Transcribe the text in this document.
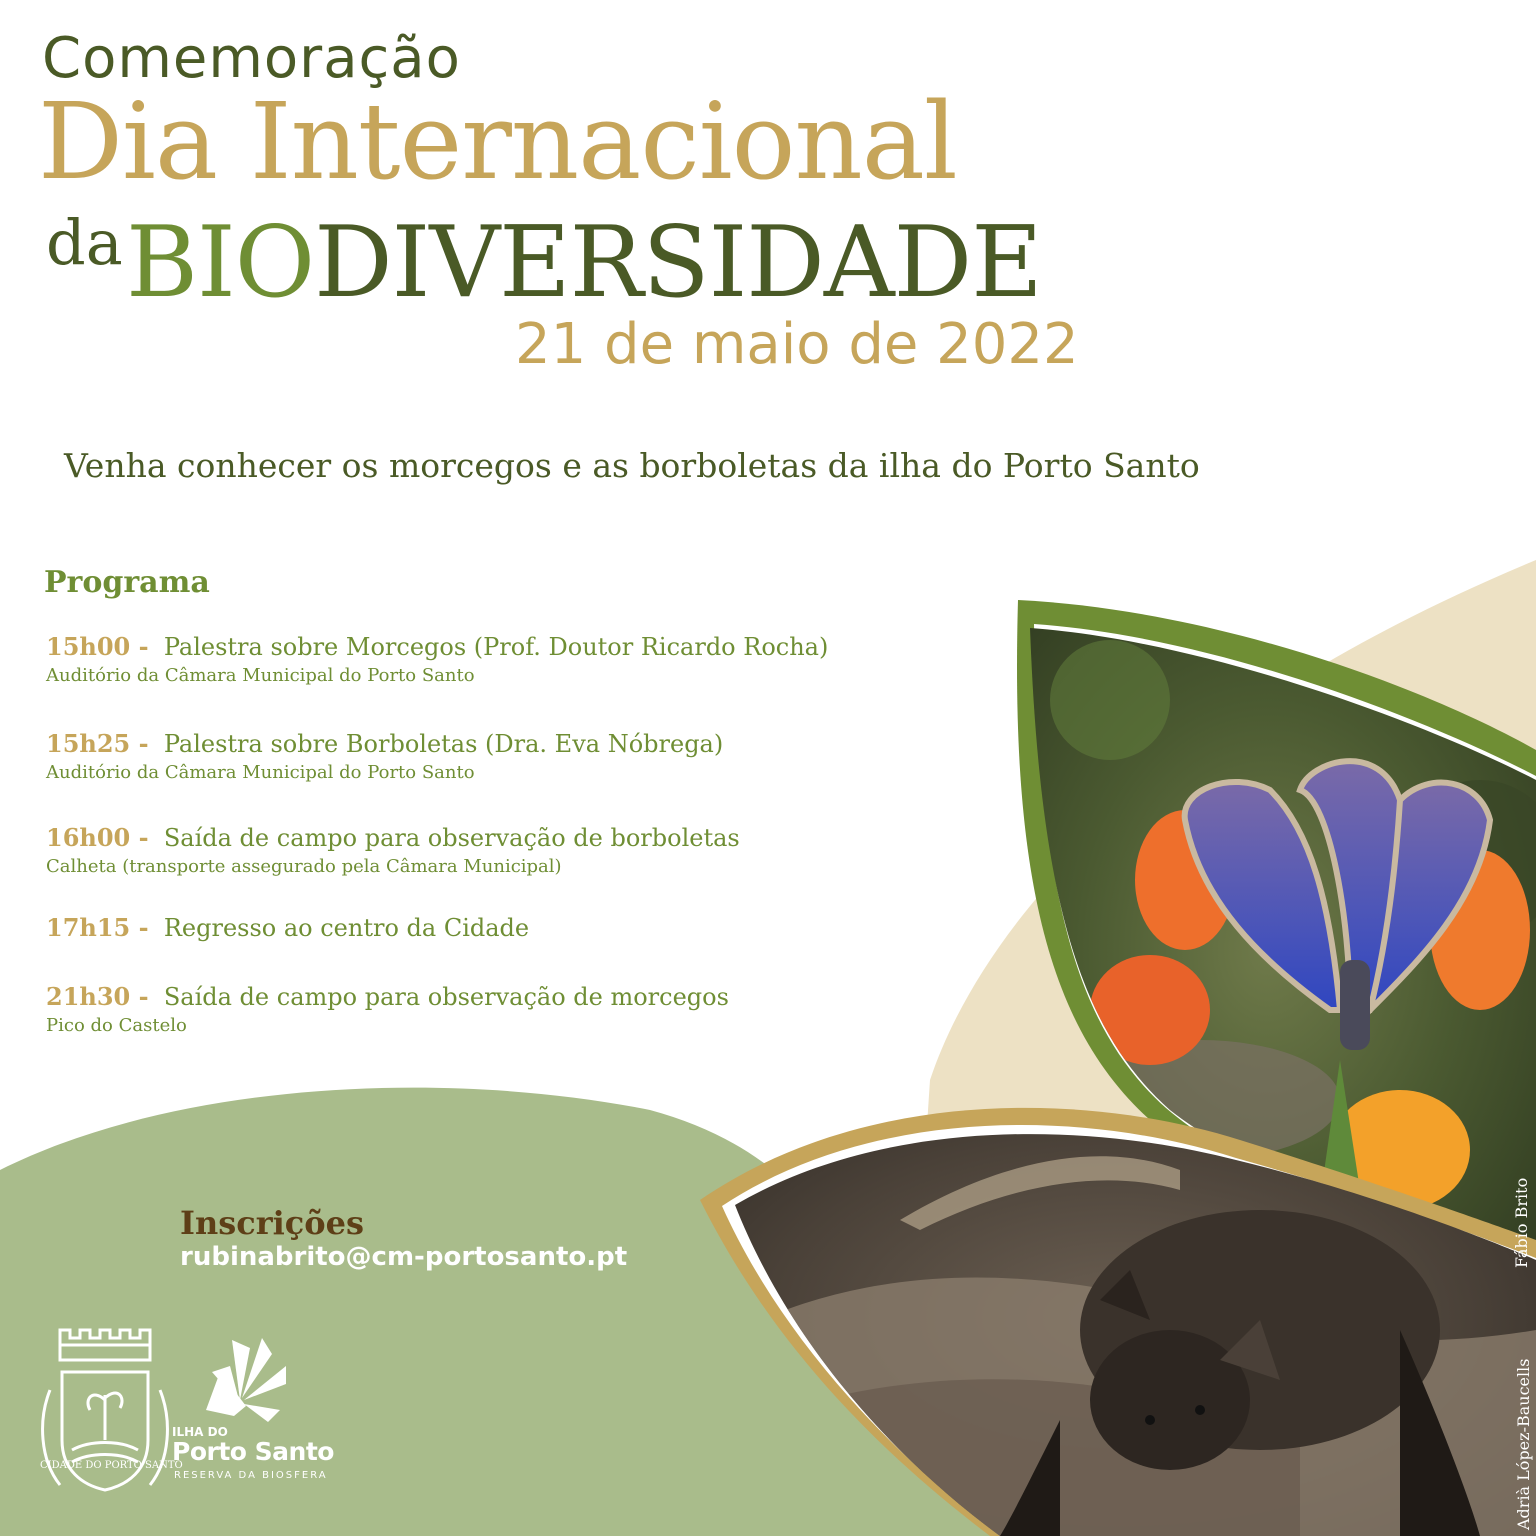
Comemoração
Dia Internacional
da BIODIVERSIDADE
21 de maio de 2022
Venha conhecer os morcegos e as borboletas da ilha do Porto Santo
Programa
15h00 - Palestra sobre Morcegos (Prof. Doutor Ricardo Rocha)
Auditório da Câmara Municipal do Porto Santo
15h25 - Palestra sobre Borboletas (Dra. Eva Nóbrega)
Auditório da Câmara Municipal do Porto Santo
16h00 - Saída de campo para observação de borboletas
Calheta (transporte assegurado pela Câmara Municipal)
17h15 - Regresso ao centro da Cidade
21h30 - Saída de campo para observação de morcegos
Pico do Castelo
Inscrições
rubinabrito@cm-portosanto.pt	Fábio Brito
Adrià López-Baucells
CIDADE DO PORTO SANTO
ILHA DO
Porto Santo
RESERVA DA BIOSFERA
